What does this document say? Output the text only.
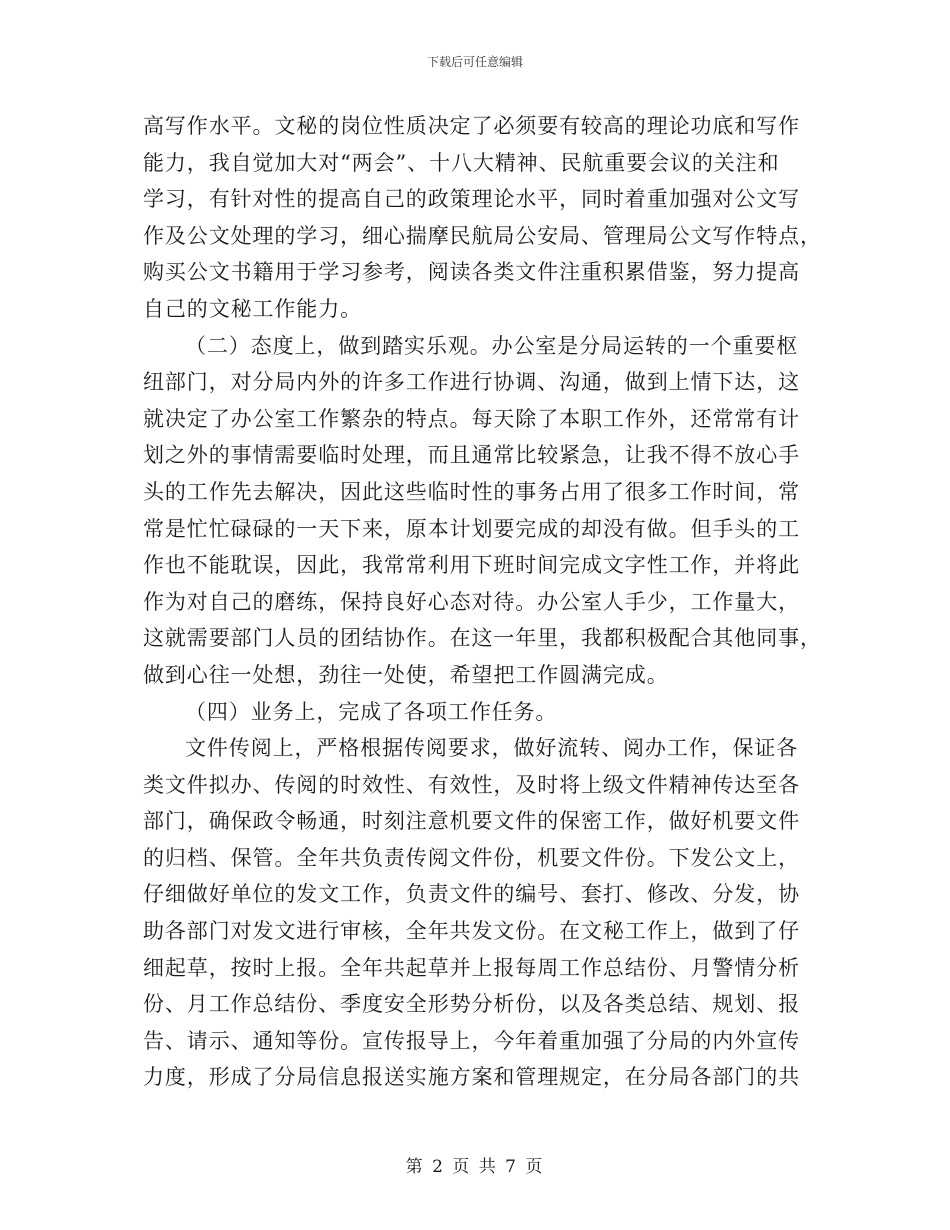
下载后可任意编辑
高写作水平。文秘的岗位性质决定了必须要有较高的理论功底和写作
能力，我自觉加大对“两会”、十八大精神、民航重要会议的关注和
学习，有针对性的提高自己的政策理论水平，同时着重加强对公文写
作及公文处理的学习，细心揣摩民航局公安局、管理局公文写作特点，
购买公文书籍用于学习参考，阅读各类文件注重积累借鉴，努力提高
自己的文秘工作能力。
（二）态度上，做到踏实乐观。办公室是分局运转的一个重要枢
纽部门，对分局内外的许多工作进行协调、沟通，做到上情下达，这
就决定了办公室工作繁杂的特点。每天除了本职工作外，还常常有计
划之外的事情需要临时处理，而且通常比较紧急，让我不得不放心手
头的工作先去解决，因此这些临时性的事务占用了很多工作时间，常
常是忙忙碌碌的一天下来，原本计划要完成的却没有做。但手头的工
作也不能耽误，因此，我常常利用下班时间完成文字性工作，并将此
作为对自己的磨练，保持良好心态对待。办公室人手少，工作量大，
这就需要部门人员的团结协作。在这一年里，我都积极配合其他同事，
做到心往一处想，劲往一处使，希望把工作圆满完成。
（四）业务上，完成了各项工作任务。
文件传阅上，严格根据传阅要求，做好流转、阅办工作，保证各
类文件拟办、传阅的时效性、有效性，及时将上级文件精神传达至各
部门，确保政令畅通，时刻注意机要文件的保密工作，做好机要文件
的归档、保管。全年共负责传阅文件份，机要文件份。下发公文上，
仔细做好单位的发文工作，负责文件的编号、套打、修改、分发，协
助各部门对发文进行审核，全年共发文份。在文秘工作上，做到了仔
细起草，按时上报。全年共起草并上报每周工作总结份、月警情分析
份、月工作总结份、季度安全形势分析份，以及各类总结、规划、报
告、请示、通知等份。宣传报导上，今年着重加强了分局的内外宣传
力度，形成了分局信息报送实施方案和管理规定，在分局各部门的共
第 2 页 共 7 页
